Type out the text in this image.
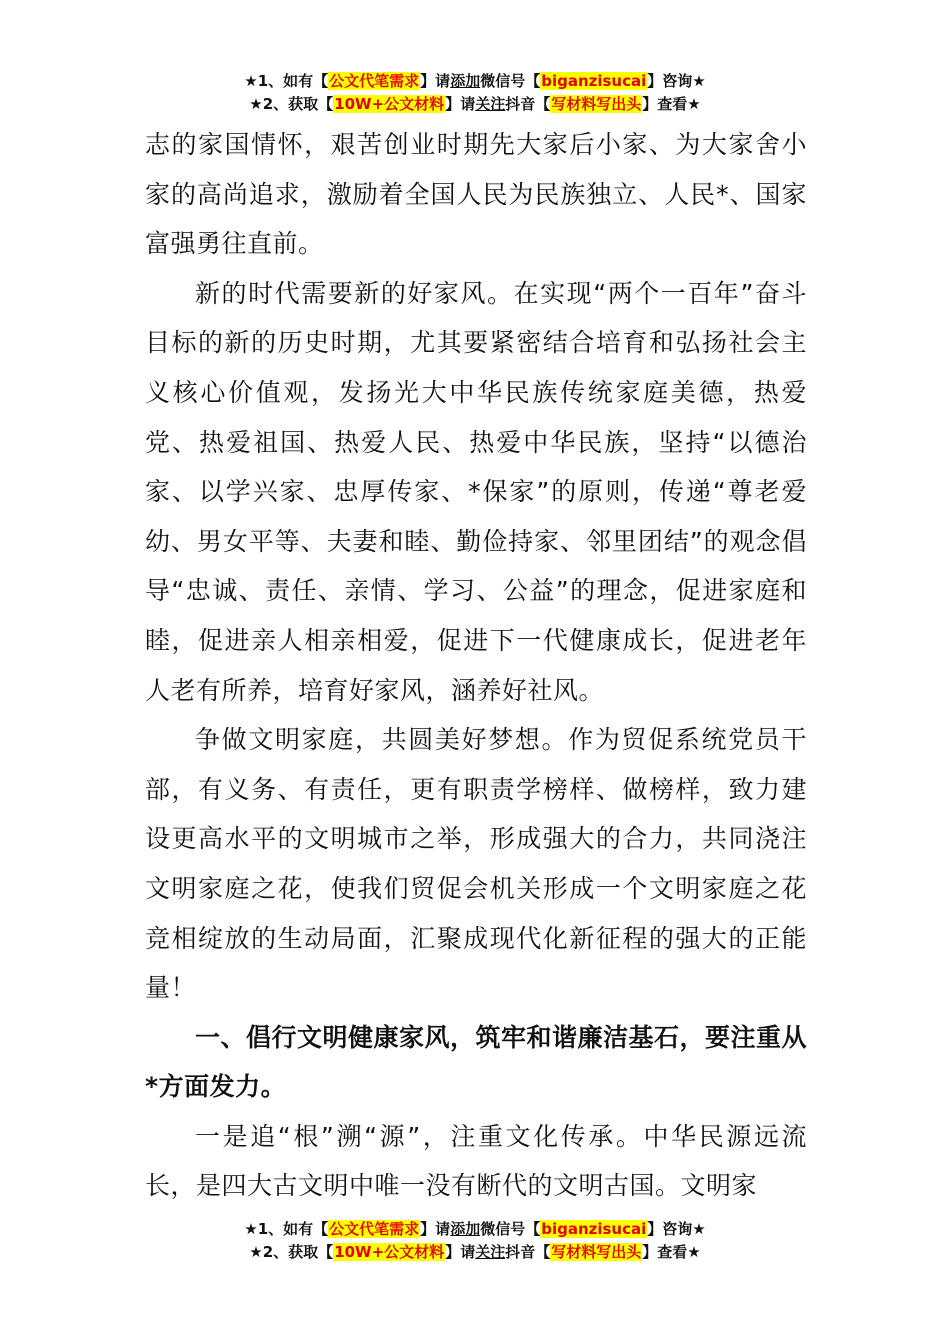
★1、如有【公文代笔需求】请添加微信号【biganzisucai】咨询★
★2、获取【10W+公文材料】请关注抖音【写材料写出头】查看★

志的家国情怀，艰苦创业时期先大家后小家、为大家舍小家的高尚追求，激励着全国人民为民族独立、人民*、国家富强勇往直前。

新的时代需要新的好家风。在实现“两个一百年”奋斗目标的新的历史时期，尤其要紧密结合培育和弘扬社会主义核心价值观，发扬光大中华民族传统家庭美德，热爱党、热爱祖国、热爱人民、热爱中华民族，坚持“以德治家、以学兴家、忠厚传家、*保家”的原则，传递“尊老爱幼、男女平等、夫妻和睦、勤俭持家、邻里团结”的观念倡导“忠诚、责任、亲情、学习、公益”的理念，促进家庭和睦，促进亲人相亲相爱，促进下一代健康成长，促进老年人老有所养，培育好家风，涵养好社风。

争做文明家庭，共圆美好梦想。作为贸促系统党员干部，有义务、有责任，更有职责学榜样、做榜样，致力建设更高水平的文明城市之举，形成强大的合力，共同浇注文明家庭之花，使我们贸促会机关形成一个文明家庭之花竞相绽放的生动局面，汇聚成现代化新征程的强大的正能量！

一、倡行文明健康家风，筑牢和谐廉洁基石，要注重从*方面发力。

一是追“根”溯“源”，注重文化传承。中华民源远流长，是四大古文明中唯一没有断代的文明古国。文明家

★1、如有【公文代笔需求】请添加微信号【biganzisucai】咨询★
★2、获取【10W+公文材料】请关注抖音【写材料写出头】查看★
